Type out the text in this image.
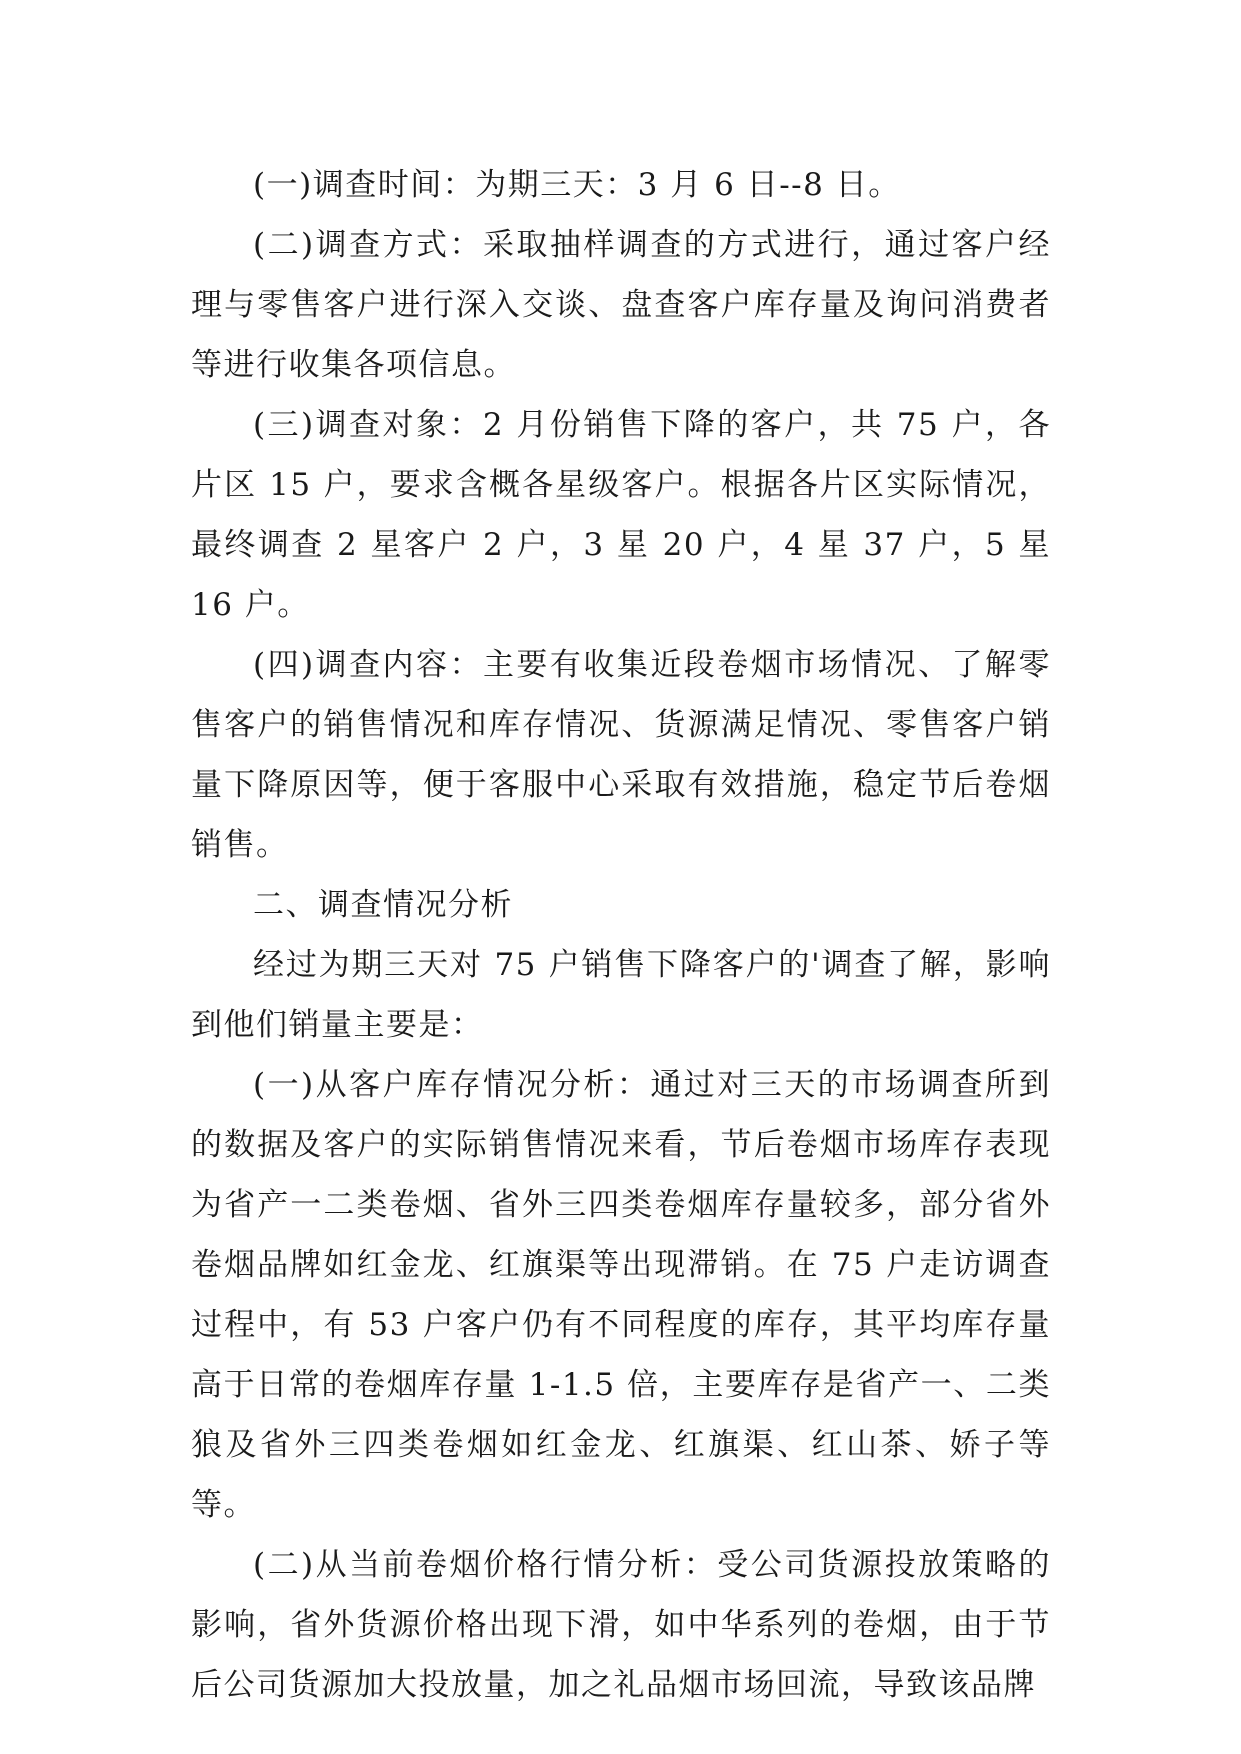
(一)调查时间：为期三天：3 月 6 日--8 日。

(二)调查方式：采取抽样调查的方式进行，通过客户经理与零售客户进行深入交谈、盘查客户库存量及询问消费者等进行收集各项信息。

(三)调查对象：2 月份销售下降的客户，共 75 户，各片区 15 户，要求含概各星级客户。根据各片区实际情况，最终调查 2 星客户 2 户，3 星 20 户，4 星 37 户，5 星 16 户。

(四)调查内容：主要有收集近段卷烟市场情况、了解零售客户的销售情况和库存情况、货源满足情况、零售客户销量下降原因等，便于客服中心采取有效措施，稳定节后卷烟销售。

二、调查情况分析

经过为期三天对 75 户销售下降客户的'调查了解，影响到他们销量主要是：

(一)从客户库存情况分析：通过对三天的市场调查所到的数据及客户的实际销售情况来看，节后卷烟市场库存表现为省产一二类卷烟、省外三四类卷烟库存量较多，部分省外卷烟品牌如红金龙、红旗渠等出现滞销。在 75 户走访调查过程中，有 53 户客户仍有不同程度的库存，其平均库存量高于日常的卷烟库存量 1-1.5 倍，主要库存是省产一、二类狼及省外三四类卷烟如红金龙、红旗渠、红山茶、娇子等等。

(二)从当前卷烟价格行情分析：受公司货源投放策略的影响，省外货源价格出现下滑，如中华系列的卷烟，由于节后公司货源加大投放量，加之礼品烟市场回流，导致该品牌
